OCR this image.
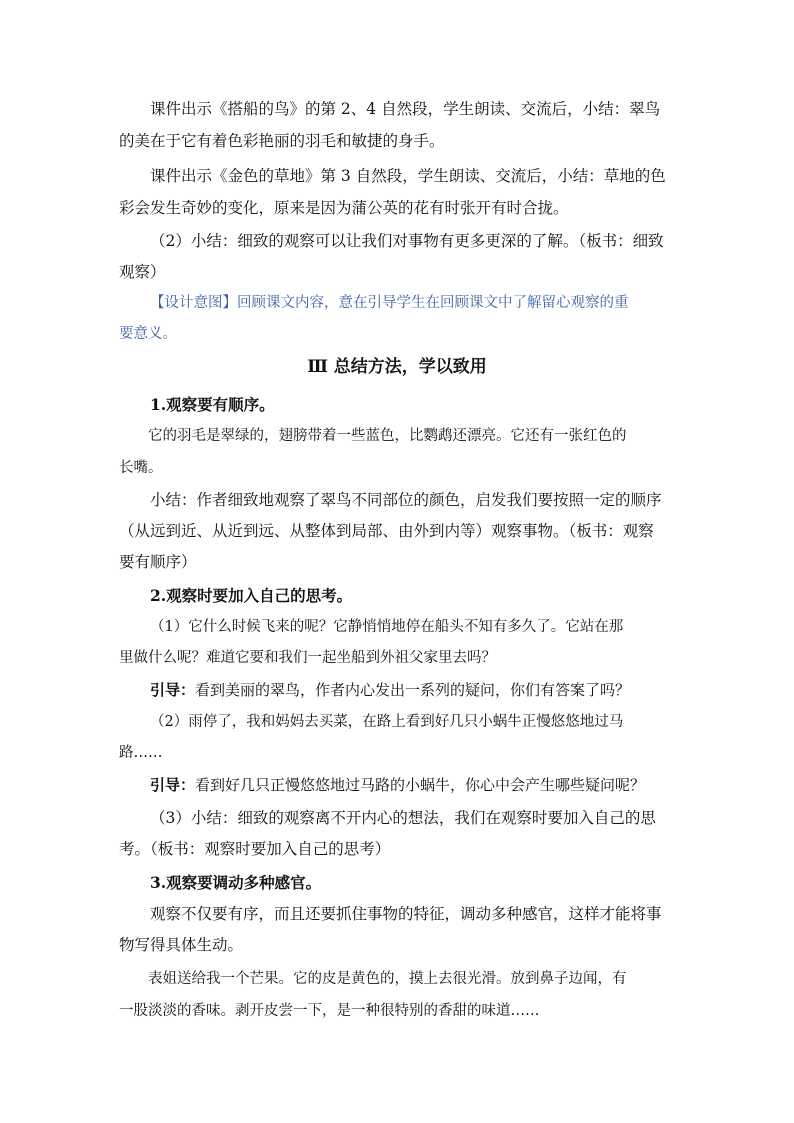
课件出示《搭船的鸟》的第 2、4 自然段，学生朗读、交流后，小结：翠鸟

的美在于它有着色彩艳丽的羽毛和敏捷的身手。

课件出示《金色的草地》第 3 自然段，学生朗读、交流后，小结：草地的色

彩会发生奇妙的变化，原来是因为蒲公英的花有时张开有时合拢。

（2）小结：细致的观察可以让我们对事物有更多更深的了解。（板书：细致

观察）

【设计意图】回顾课文内容，意在引导学生在回顾课文中了解留心观察的重

要意义。

Ⅲ 总结方法，学以致用

1.观察要有顺序。

它的羽毛是翠绿的，翅膀带着一些蓝色，比鹦鹉还漂亮。它还有一张红色的

长嘴。

小结：作者细致地观察了翠鸟不同部位的颜色，启发我们要按照一定的顺序

（从远到近、从近到远、从整体到局部、由外到内等）观察事物。（板书：观察

要有顺序）

2.观察时要加入自己的思考。

（1）它什么时候飞来的呢？它静悄悄地停在船头不知有多久了。它站在那

里做什么呢？难道它要和我们一起坐船到外祖父家里去吗？

引导：看到美丽的翠鸟，作者内心发出一系列的疑问，你们有答案了吗？

（2）雨停了，我和妈妈去买菜，在路上看到好几只小蜗牛正慢悠悠地过马

路……

引导：看到好几只正慢悠悠地过马路的小蜗牛，你心中会产生哪些疑问呢？

（3）小结：细致的观察离不开内心的想法，我们在观察时要加入自己的思

考。（板书：观察时要加入自己的思考）

3.观察要调动多种感官。

观察不仅要有序，而且还要抓住事物的特征，调动多种感官，这样才能将事

物写得具体生动。

表姐送给我一个芒果。它的皮是黄色的，摸上去很光滑。放到鼻子边闻，有

一股淡淡的香味。剥开皮尝一下，是一种很特别的香甜的味道……
